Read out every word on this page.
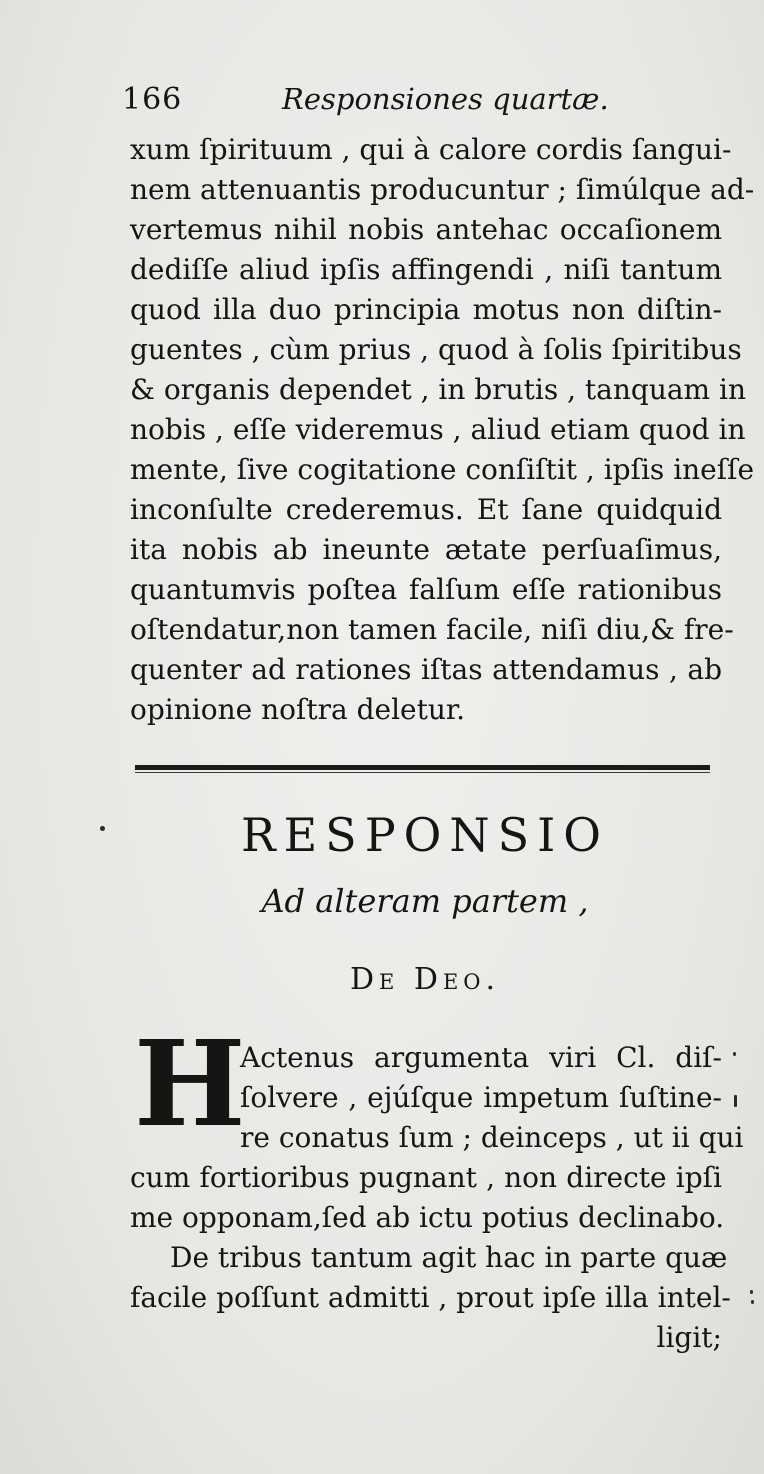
166	Responsiones quartæ.
xum ſpirituum , qui à calore cordis ſangui-
nem attenuantis producuntur ; ſimúlque ad-
vertemus nihil nobis antehac occaſionem
dediſſe aliud ipſis affingendi , niſi tantum
quod illa duo principia motus non diſtin-
guentes , cùm prius , quod à ſolis ſpiritibus
& organis dependet , in brutis , tanquam in
nobis , eſſe videremus , aliud etiam quod in
mente, ſive cogitatione conſiſtit , ipſis ineſſe
inconſulte crederemus. Et ſane quidquid
ita nobis ab ineunte ætate perſuaſimus,
quantumvis poſtea falſum eſſe rationibus
oſtendatur,non tamen facile, niſi diu,& fre-
quenter ad rationes iſtas attendamus , ab
opinione noſtra deletur.
RESPONSIO
Ad alteram partem ,
De Deo.
H
Actenus argumenta viri Cl. diſ-
ſolvere , ejúſque impetum ſuſtine-
re conatus ſum ; deinceps , ut ii qui
cum fortioribus pugnant , non directe ipſi
me opponam,ſed ab ictu potius declinabo.
De tribus tantum agit hac in parte quæ
facile poſſunt admitti , prout ipſe illa intel-
ligit;
